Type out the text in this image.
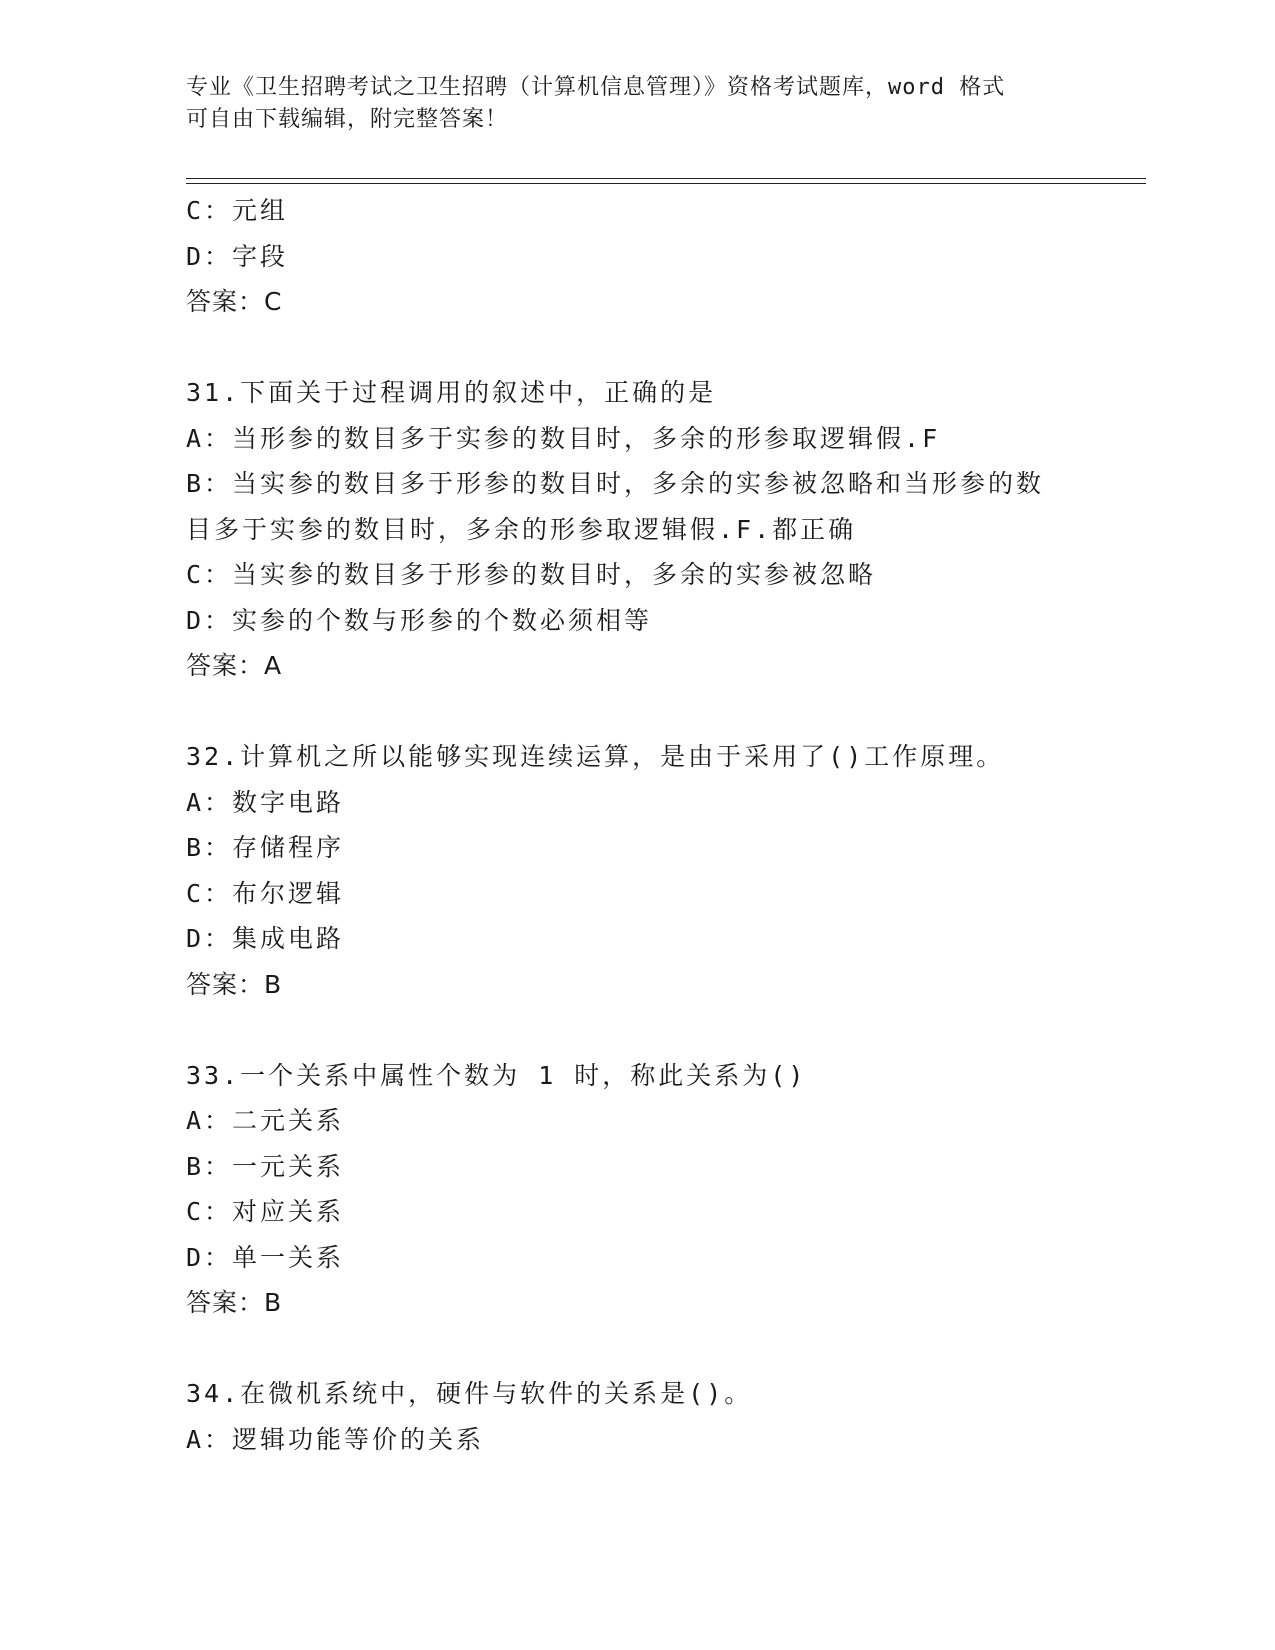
专业《卫生招聘考试之卫生招聘（计算机信息管理）》资格考试题库，word 格式
可自由下载编辑，附完整答案！
C：元组
D：字段
答案：C
31.下面关于过程调用的叙述中，正确的是
A：当形参的数目多于实参的数目时，多余的形参取逻辑假.F
B：当实参的数目多于形参的数目时，多余的实参被忽略和当形参的数
目多于实参的数目时，多余的形参取逻辑假.F.都正确
C：当实参的数目多于形参的数目时，多余的实参被忽略
D：实参的个数与形参的个数必须相等
答案：A
32.计算机之所以能够实现连续运算，是由于采用了()工作原理。
A：数字电路
B：存储程序
C：布尔逻辑
D：集成电路
答案：B
33.一个关系中属性个数为 1 时，称此关系为()
A：二元关系
B：一元关系
C：对应关系
D：单一关系
答案：B
34.在微机系统中，硬件与软件的关系是()。
A：逻辑功能等价的关系
